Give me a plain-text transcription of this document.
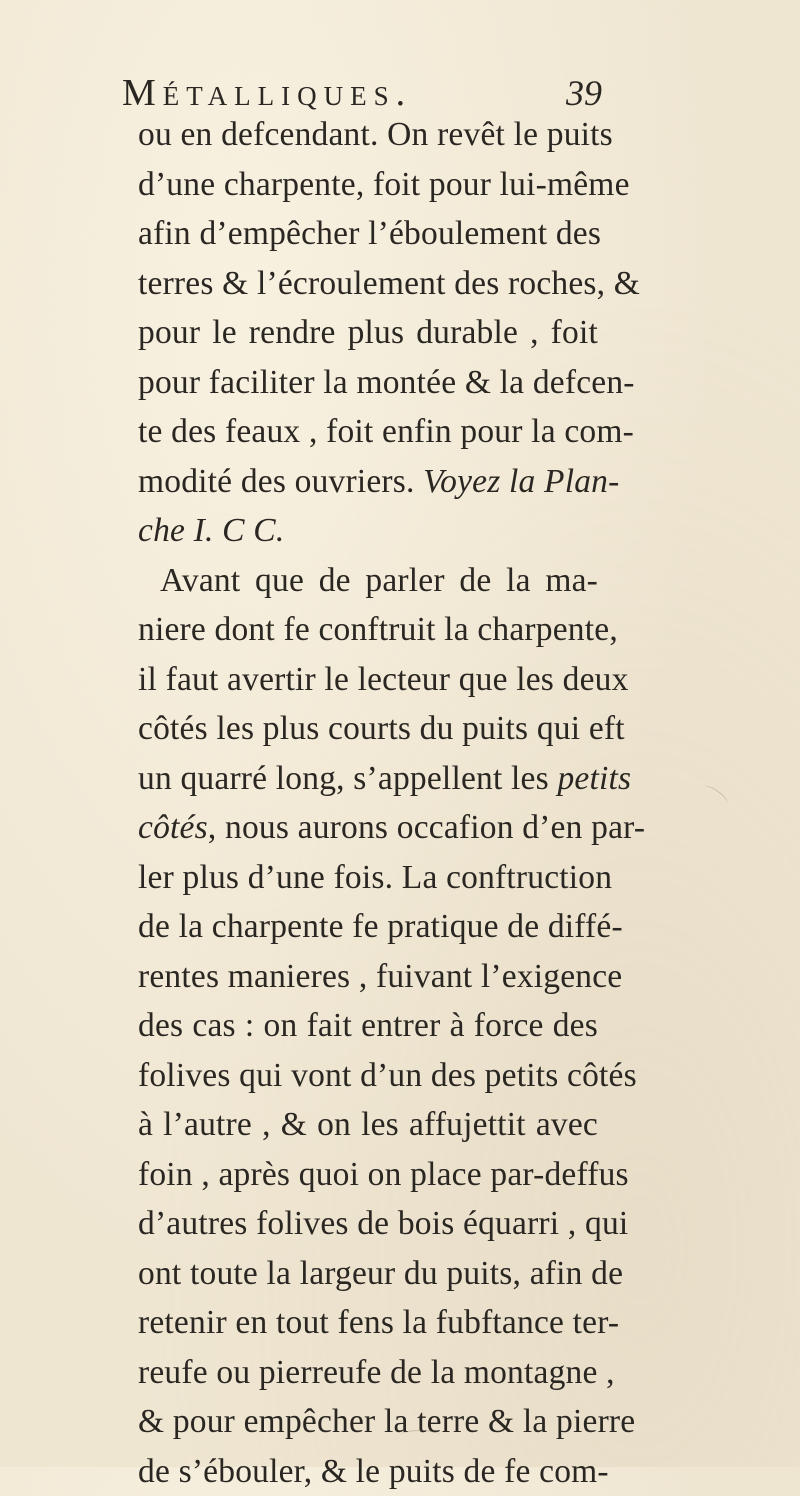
Métalliques.	39
ou en defcendant. On revêt le puits
d’une charpente, foit pour lui-même
afin d’empêcher l’éboulement des
terres & l’écroulement des roches, &
pour le rendre plus durable , foit
pour faciliter la montée & la defcen-
te des feaux , foit enfin pour la com-
modité des ouvriers. Voyez la Plan-
che I. C C.
Avant que de parler de la ma-
niere dont fe conftruit la charpente,
il faut avertir le lecteur que les deux
côtés les plus courts du puits qui eft
un quarré long, s’appellent les petits
côtés, nous aurons occafion d’en par-
ler plus d’une fois. La conftruction
de la charpente fe pratique de diffé-
rentes manieres , fuivant l’exigence
des cas : on fait entrer à force des
folives qui vont d’un des petits côtés
à l’autre , & on les affujettit avec
foin , après quoi on place par-deffus
d’autres folives de bois équarri , qui
ont toute la largeur du puits, afin de
retenir en tout fens la fubftance ter-
reufe ou pierreufe de la montagne ,
& pour empêcher la terre & la pierre
de s’ébouler, & le puits de fe com-
